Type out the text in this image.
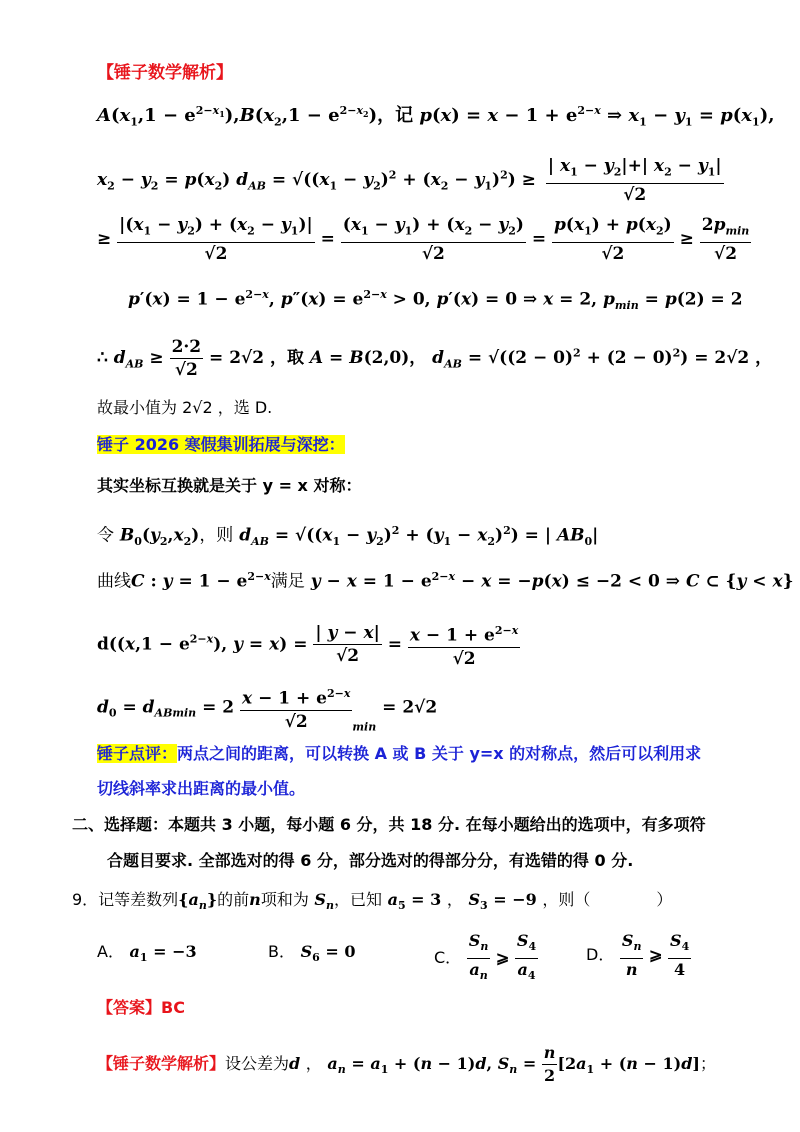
【锤子数学解析】
$A(x_1,1 - e^{2-x_1}),B(x_2,1 - e^{2-x_2})$，记 $p(x) = x - 1 + e^{2-x}$ ⇒ $x_1 - y_1 = p(x_1)$,
$x_2 - y_2 = p(x_2) d_{AB} = √((x_1 - y_2)^2 + (x_2 - y_1)^2) \ge \frac{| x_1 - y_2|+| x_2 - y_1|}{√2}$
≥ $\frac{|(x_1 - y_2) + (x_2 - y_1)|}{√2} = \frac{(x_1 - y_1) + (x_2 - y_2)}{√2} = \frac{p(x_1) + p(x_2)}{√2}$ ≥
$2p_{min}$
√2
$p'(x) = 1 - e^{2-x}$, $p''(x) = e^{2-x} > 0$, p′(x) = 0 ⇒ x = 2, $p_{min} = p(2) = 2$
∴ $d_{AB} \ge \frac{2\cdot 2}{√2} = 2√2$ ，取 A = B(2,0)， $d_{AB} = √((2 - 0)^2 + (2 - 0)^2) = 2√2$ ，
故最小值为 2√2 ，选 D.
锤子 2026 寒假集训拓展与深挖：
其实坐标互换就是关于 y = x 对称：
令 $B_0(y_2,x_2)$，则 $d_{AB} = √((x_1 - y_2)^2 + (y_1 - x_2)^2)$ = | $AB_0|$
曲线C : $y = 1 - e^{2-x}$满足 $y - x = 1 - e^{2-x} - x = -p(x) \le -2 < 0$ ⇒ C ⊂ {y < x}
$d((x,1 - e^{2-x})$, $y = x) = \frac{| y - x|}{√2} = \frac{x - 1 + e^{2-x}}{√2}$
$d_0 = d_{ABmin} = 2 \frac{x - 1 + e^{2-x}}{√2} _{min} = 2√2$
锤子点评：两点之间的距离，可以转换 A 或 B 关于 y=x 的对称点，然后可以利用求
切线斜率求出距离的最小值。
二、选择题：本题共 3 小题，每小题 6 分，共 18 分. 在每小题给出的选项中，有多项符
合题目要求. 全部选对的得 6 分，部分选对的得部分分，有选错的得 0 分.
9．记等差数列$\{a_n\}$的前n项和为 $S_n$，已知 $a_5 = 3$ ， $S_3 = -9$ ，则（	）
A． $a_1 = -3$	B． $S_6 = 0$	C． $\frac{S_n}{a_n}$ ⩾ $\frac{S_4}{a_4}$	D． $\frac{S_n}{n}$ ⩾ $\frac{S_4}{4}$
【答案】BC
【锤子数学解析】设公差为d ， $a_n = a_1 + (n - 1)d$, $S_n = \frac{n}{2} [2a_1 + (n - 1)d]$；
